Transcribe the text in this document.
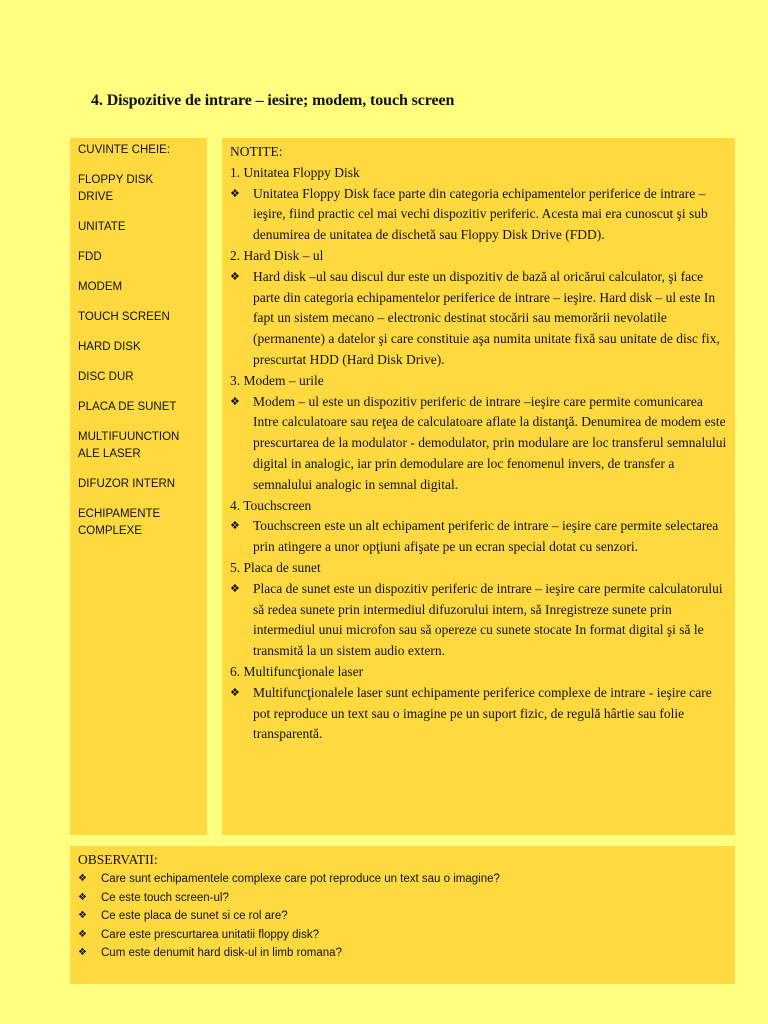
4. Dispozitive de intrare – iesire; modem, touch screen
CUVINTE CHEIE:
FLOPPY DISK DRIVE
UNITATE
FDD
MODEM
TOUCH SCREEN
HARD DISK
DISC DUR
PLACA DE SUNET
MULTIFUUNCTION ALE LASER
DIFUZOR INTERN
ECHIPAMENTE COMPLEXE
NOTITE:
1. Unitatea Floppy Disk
❖ Unitatea Floppy Disk face parte din categoria echipamentelor periferice de intrare – ieşire, fiind practic cel mai vechi dispozitiv periferic. Acesta mai era cunoscut şi sub denumirea de unitatea de dischetă sau Floppy Disk Drive (FDD).
2. Hard Disk – ul
❖ Hard disk –ul sau discul dur este un dispozitiv de bază al oricărui calculator, şi face parte din categoria echipamentelor periferice de intrare – ieşire. Hard disk – ul este In fapt un sistem mecano – electronic destinat stocării sau memorării nevolatile (permanente) a datelor şi care constituie aşa numita unitate fixă sau unitate de disc fix, prescurtat HDD (Hard Disk Drive).
3. Modem – urile
❖ Modem – ul este un dispozitiv periferic de intrare –ieşire care permite comunicarea Intre calculatoare sau reţea de calculatoare aflate la distanţă. Denumirea de modem este prescurtarea de la modulator - demodulator, prin modulare are loc transferul semnalului digital in analogic, iar prin demodulare are loc fenomenul invers, de transfer a semnalului analogic in semnal digital.
4. Touchscreen
❖ Touchscreen este un alt echipament periferic de intrare – ieşire care permite selectarea prin atingere a unor opţiuni afişate pe un ecran special dotat cu senzori.
5. Placa de sunet
❖ Placa de sunet este un dispozitiv periferic de intrare – ieşire care permite calculatorului să redea sunete prin intermediul difuzorului intern, să Inregistreze sunete prin intermediul unui microfon sau să opereze cu sunete stocate In format digital şi să le transmită la un sistem audio extern.
6. Multifuncţionale laser
❖ Multifuncţionalele laser sunt echipamente periferice complexe de intrare - ieşire care pot reproduce un text sau o imagine pe un suport fizic, de regulă hârtie sau folie transparentă.
OBSERVATII:
❖ Care sunt echipamentele complexe care pot reproduce un text sau o imagine?
❖ Ce este touch screen-ul?
❖ Ce este placa de sunet si ce rol are?
❖ Care este prescurtarea unitatii floppy disk?
❖ Cum este denumit hard disk-ul in limb romana?
